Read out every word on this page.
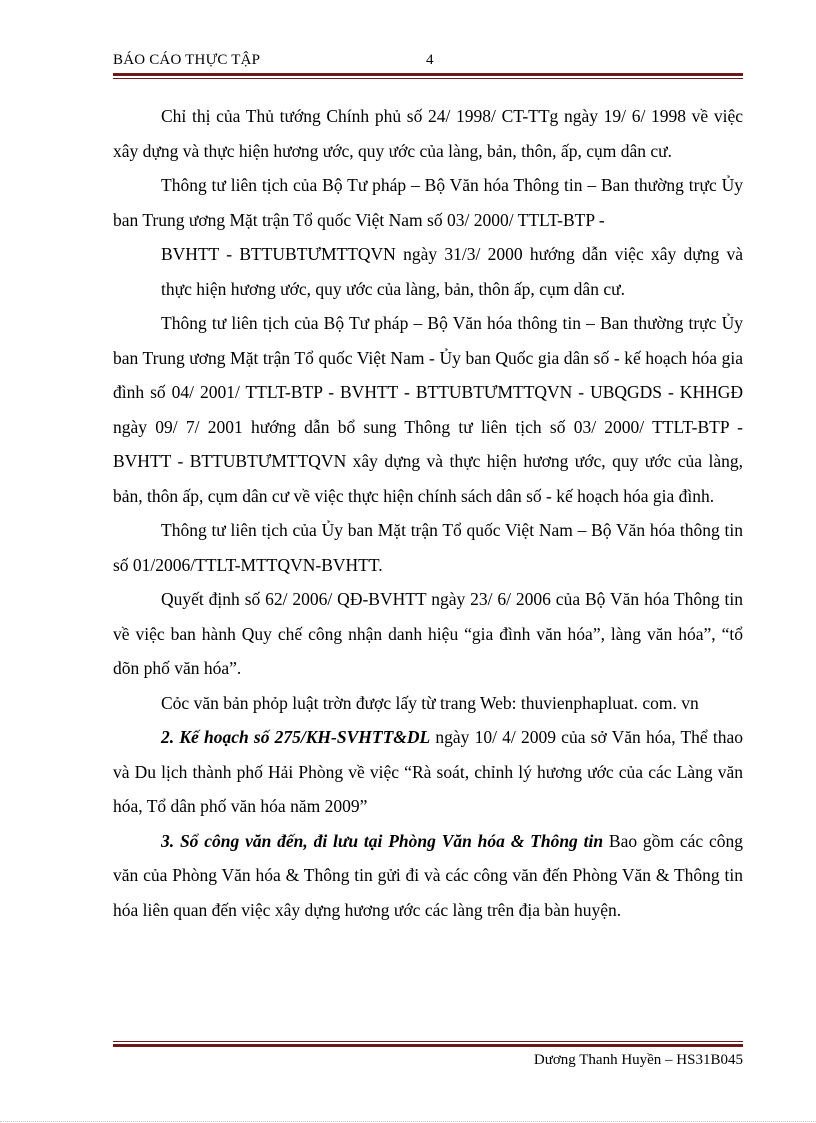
BÁO CÁO THỰC TẬP	4

Chỉ thị của Thủ tướng Chính phủ số 24/ 1998/ CT-TTg ngày 19/ 6/ 1998 về việc xây dựng và thực hiện hương ước, quy ước của làng, bản, thôn, ấp, cụm dân cư.

Thông tư liên tịch của Bộ Tư pháp – Bộ Văn hóa Thông tin – Ban thường trực Ủy ban Trung ương Mặt trận Tổ quốc Việt Nam số 03/ 2000/ TTLT-BTP -

BVHTT - BTTUBTƯMTTQVN ngày 31/3/ 2000 hướng dẫn việc xây dựng và thực hiện hương ước, quy ước của làng, bản, thôn ấp, cụm dân cư.

Thông tư liên tịch của Bộ Tư pháp – Bộ Văn hóa thông tin – Ban thường trực Ủy ban Trung ương Mặt trận Tổ quốc Việt Nam - Ủy ban Quốc gia dân số - kế hoạch hóa gia đình số 04/ 2001/ TTLT-BTP - BVHTT - BTTUBTƯMTTQVN - UBQGDS - KHHGĐ ngày 09/ 7/ 2001 hướng dẫn bổ sung Thông tư liên tịch số 03/ 2000/ TTLT-BTP - BVHTT - BTTUBTƯMTTQVN xây dựng và thực hiện hương ước, quy ước của làng, bản, thôn ấp, cụm dân cư về việc thực hiện chính sách dân số - kế hoạch hóa gia đình.

Thông tư liên tịch của Ủy ban Mặt trận Tổ quốc Việt Nam – Bộ Văn hóa thông tin số 01/2006/TTLT-MTTQVN-BVHTT.

Quyết định số 62/ 2006/ QĐ-BVHTT ngày 23/ 6/ 2006 của Bộ Văn hóa Thông tin về việc ban hành Quy chế công nhận danh hiệu “gia đình văn hóa”, làng văn hóa”, “tổ dõn phố văn hóa”.

Cỏc văn bản phỏp luật trờn được lấy từ trang Web: thuvienphapluat. com. vn

2. Kế hoạch số 275/KH-SVHTT&DL ngày 10/ 4/ 2009 của sở Văn hóa, Thể thao và Du lịch thành phố Hải Phòng về việc “Rà soát, chỉnh lý hương ước của các Làng văn hóa, Tổ dân phố văn hóa năm 2009”

3. Sổ công văn đến, đi lưu tại Phòng Văn hóa & Thông tin Bao gồm các công văn của Phòng Văn hóa & Thông tin gửi đi và các công văn đến Phòng Văn & Thông tin hóa liên quan đến việc xây dựng hương ước các làng trên địa bàn huyện.

Dương Thanh Huyền – HS31B045
